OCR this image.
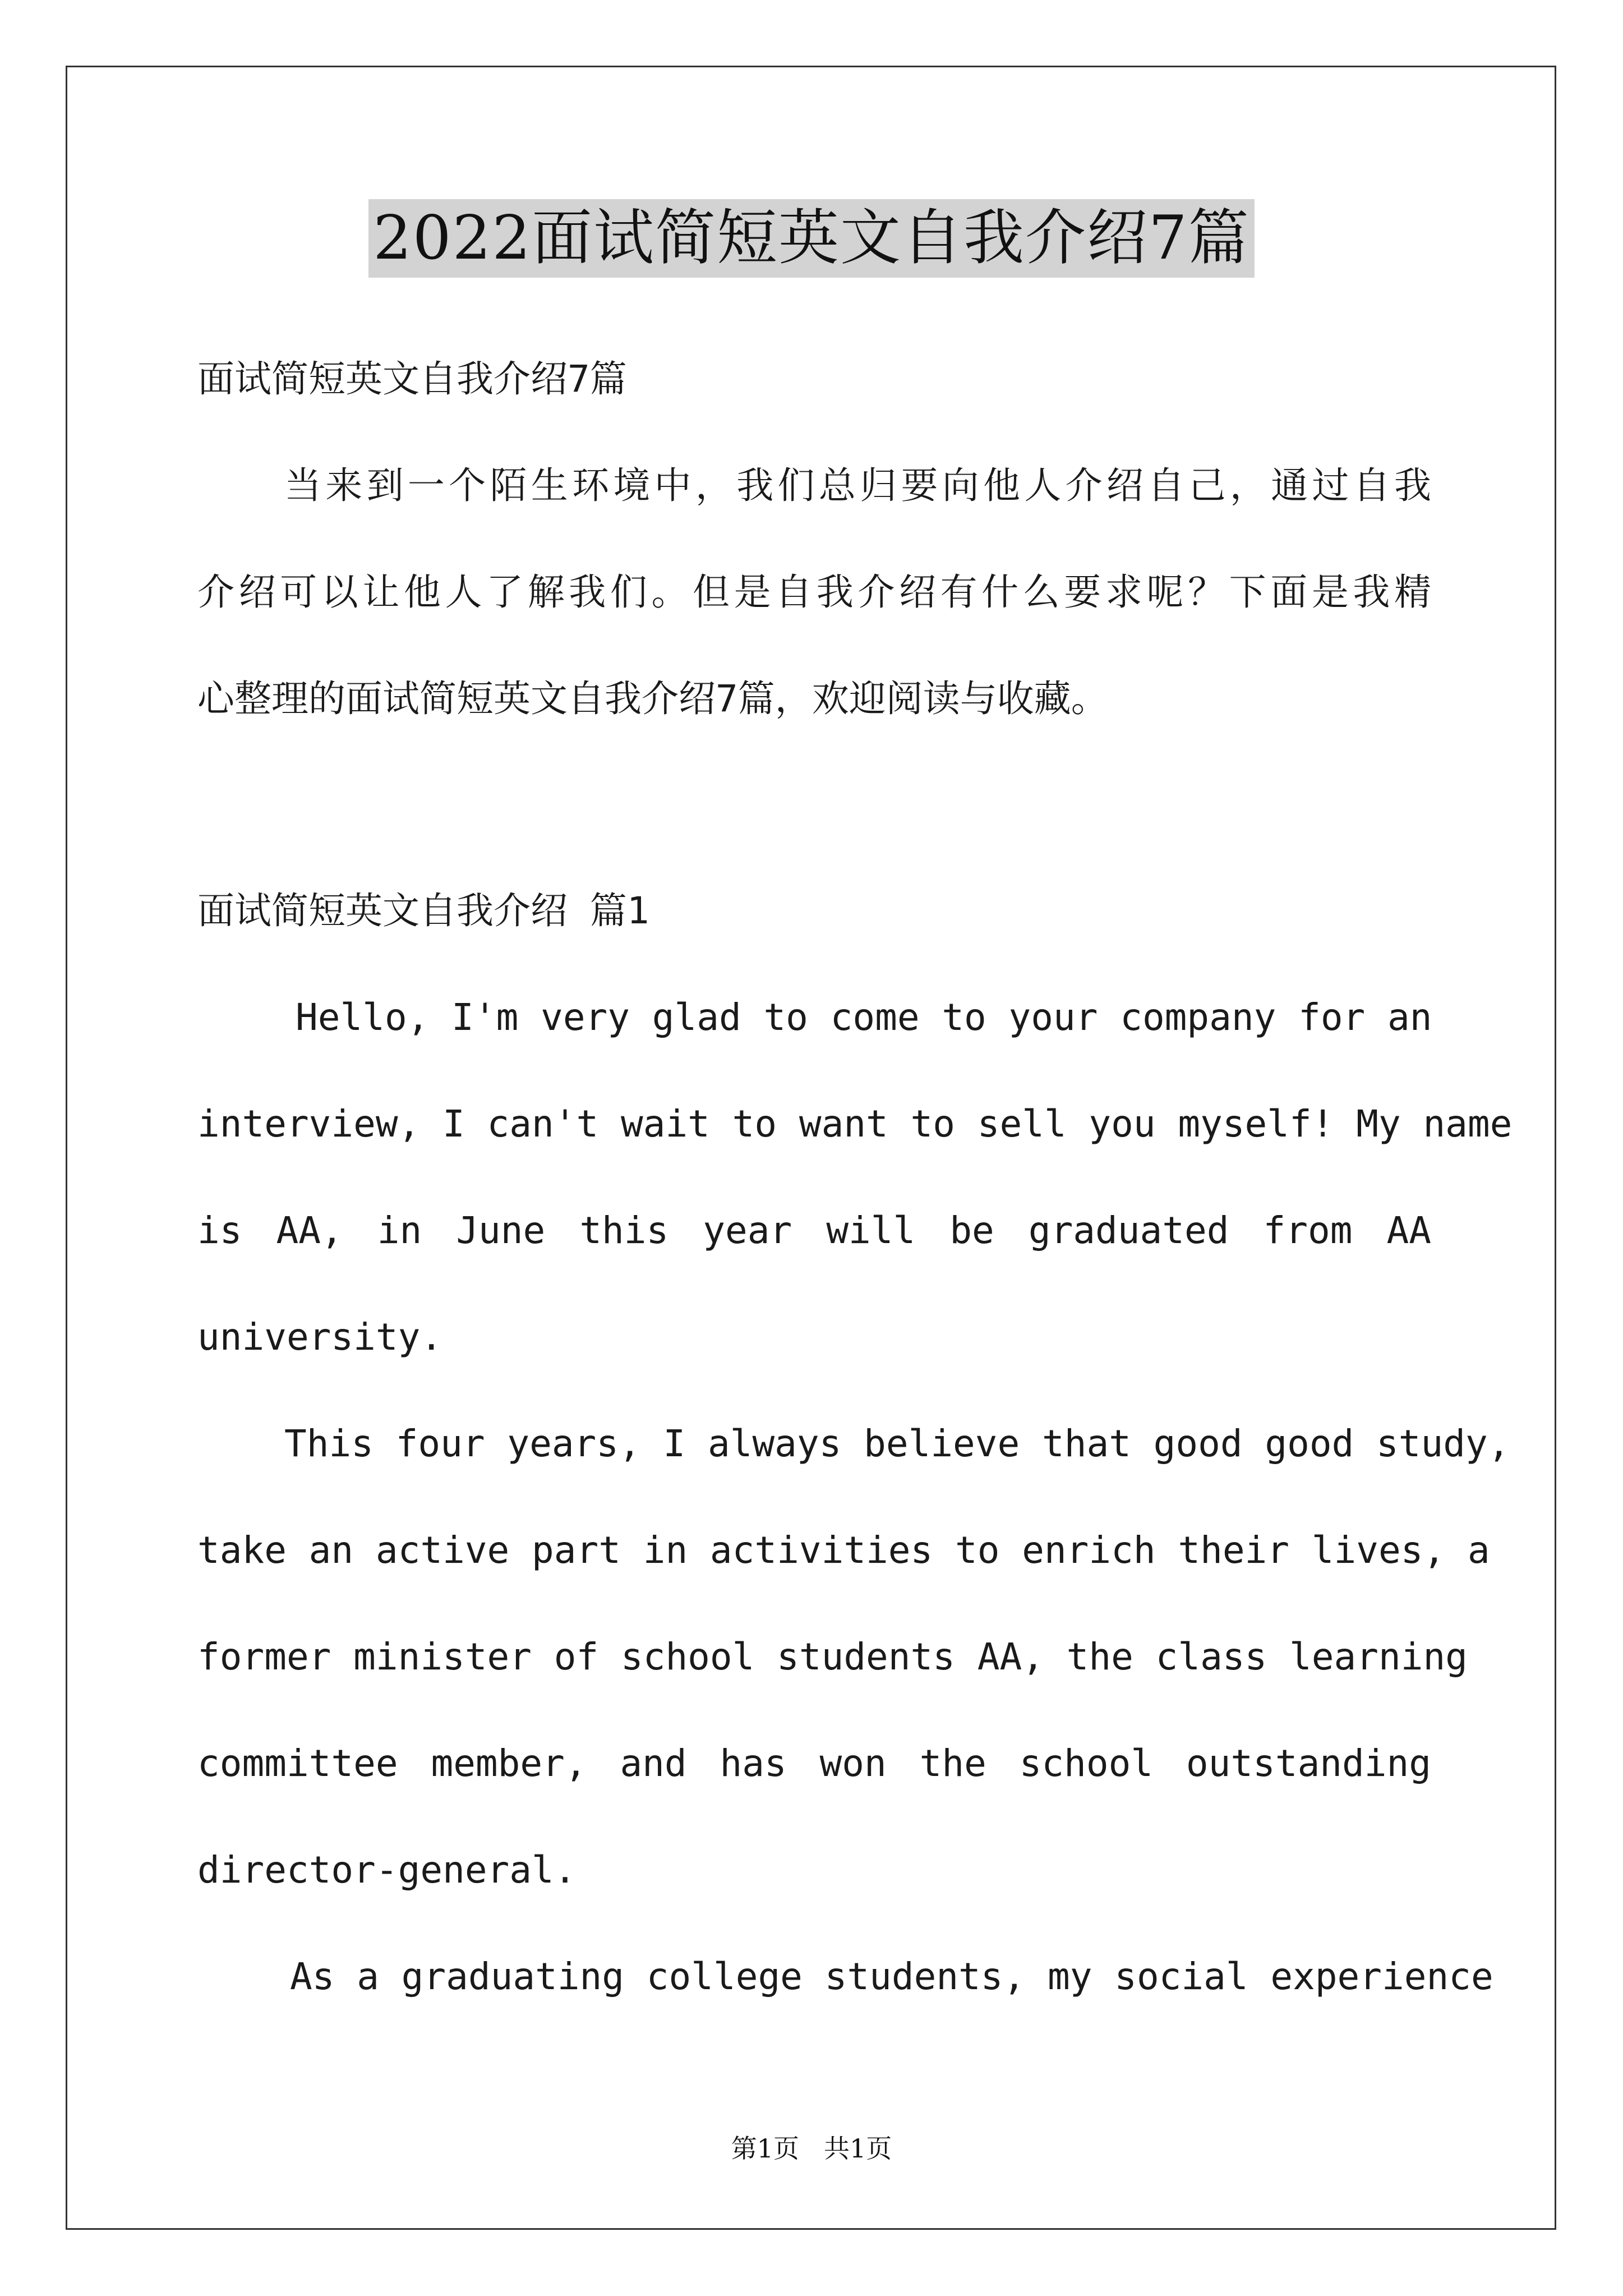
2022面试简短英文自我介绍7篇
面试简短英文自我介绍7篇
当来到一个陌生环境中，我们总归要向他人介绍自己，通过自我
介绍可以让他人了解我们。但是自我介绍有什么要求呢？下面是我精
心整理的面试简短英文自我介绍7篇，欢迎阅读与收藏。
面试简短英文自我介绍 篇1
Hello, I'm very glad to come to your company for an
interview, I can't wait to want to sell you myself! My name
is AA, in June this year will be graduated from AA
university.
This four years, I always believe that good good study,
take an active part in activities to enrich their lives, a
former minister of school students AA, the class learning
committee member, and has won the school outstanding
director-general.
As a graduating college students, my social experience
第1页 共1页
